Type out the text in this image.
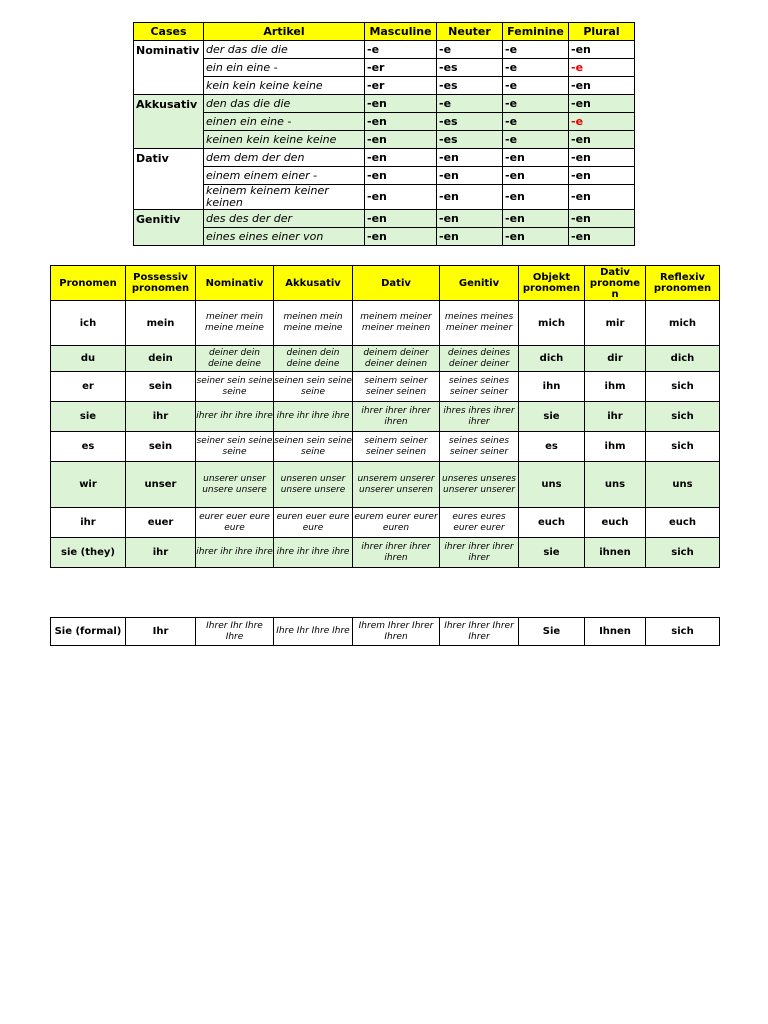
Cases	Artikel	Masculine	Neuter	Feminine	Plural
Nominativ	der das die die	-e	-e	-e	-en
	ein ein eine -	-er	-es	-e	-e
	kein kein keine keine	-er	-es	-e	-en
Akkusativ	den das die die	-en	-e	-e	-en
	einen ein eine -	-en	-es	-e	-e
	keinen kein keine keine	-en	-es	-e	-en
Dativ	dem dem der den	-en	-en	-en	-en
	einem einem einer -	-en	-en	-en	-en
	keinem keinem keiner keinen	-en	-en	-en	-en
Genitiv	des des der der	-en	-en	-en	-en
	eines eines einer von	-en	-en	-en	-en
Pronomen	Possessiv pronomen	Nominativ	Akkusativ	Dativ	Genitiv	Objekt pronomen	Dativ pronome n	Reflexiv pronomen
ich	mein	meiner mein meine meine	meinen mein meine meine	meinem meiner meiner meinen	meines meines meiner meiner	mich	mir	mich
du	dein	deiner dein deine deine	deinen dein deine deine	deinem deiner deiner deinen	deines deines deiner deiner	dich	dir	dich
er	sein	seiner sein seine seine	seinen sein seine seine	seinem seiner seiner seinen	seines seines seiner seiner	ihn	ihm	sich
sie	ihr	ihrer ihr ihre ihre	ihre ihr ihre ihre	ihrer ihrer ihrer ihren	ihres ihres ihrer ihrer	sie	ihr	sich
es	sein	seiner sein seine seine	seinen sein seine seine	seinem seiner seiner seinen	seines seines seiner seiner	es	ihm	sich
wir	unser	unserer unser unsere unsere	unseren unser unsere unsere	unserem unserer unserer unseren	unseres unseres unserer unserer	uns	uns	uns
ihr	euer	eurer euer eure eure	euren euer eure eure	eurem eurer eurer euren	eures eures eurer eurer	euch	euch	euch
sie (they)	ihr	ihrer ihr ihre ihre	ihre ihr ihre ihre	ihrer ihrer ihrer ihren	ihrer ihrer ihrer ihrer	sie	ihnen	sich
Sie (formal)	Ihr	Ihrer Ihr Ihre Ihre	Ihre Ihr Ihre Ihre	Ihrem Ihrer Ihrer Ihren	Ihrer Ihrer Ihrer Ihrer	Sie	Ihnen	sich
